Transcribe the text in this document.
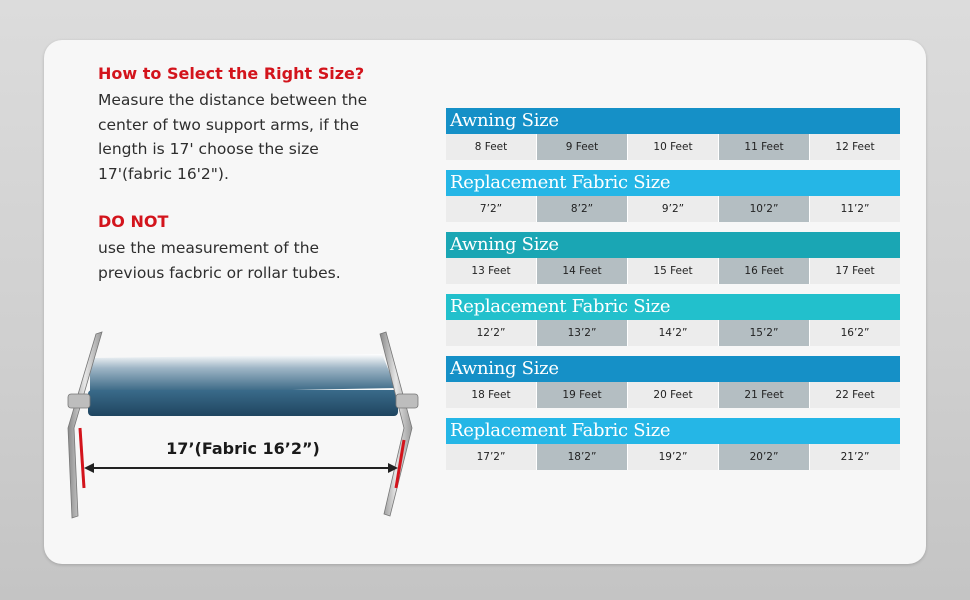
How to Select the Right Size?

Measure the distance between the
center of two support arms, if the
length is 17' choose the size
17'(fabric 16'2").

DO NOT

use the measurement of the
previous facbric or rollar tubes.

17’(Fabric 16’2”)
Awning Size
8 Feet	9 Feet	10 Feet	11 Feet	12 Feet
Replacement Fabric Size
7’2”	8’2”	9’2”	10’2”	11’2”
Awning Size
13 Feet	14 Feet	15 Feet	16 Feet	17 Feet
Replacement Fabric Size
12’2”	13’2”	14’2”	15’2”	16’2”
Awning Size
18 Feet	19 Feet	20 Feet	21 Feet	22 Feet
Replacement Fabric Size
17’2”	18’2”	19’2”	20’2”	21’2”
